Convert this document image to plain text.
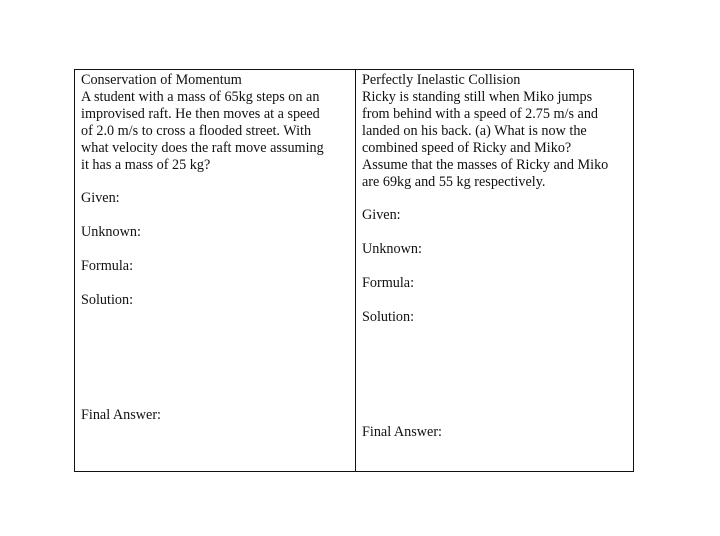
Conservation of Momentum
A student with a mass of 65kg steps on an
improvised raft. He then moves at a speed
of 2.0 m/s to cross a flooded street. With
what velocity does the raft move assuming
it has a mass of 25 kg?
Given:
Unknown:
Formula:
Solution:
Final Answer:
Perfectly Inelastic Collision
Ricky is standing still when Miko jumps
from behind with a speed of 2.75 m/s and
landed on his back. (a) What is now the
combined speed of Ricky and Miko?
Assume that the masses of Ricky and Miko
are 69kg and 55 kg respectively.
Given:
Unknown:
Formula:
Solution:
Final Answer:
